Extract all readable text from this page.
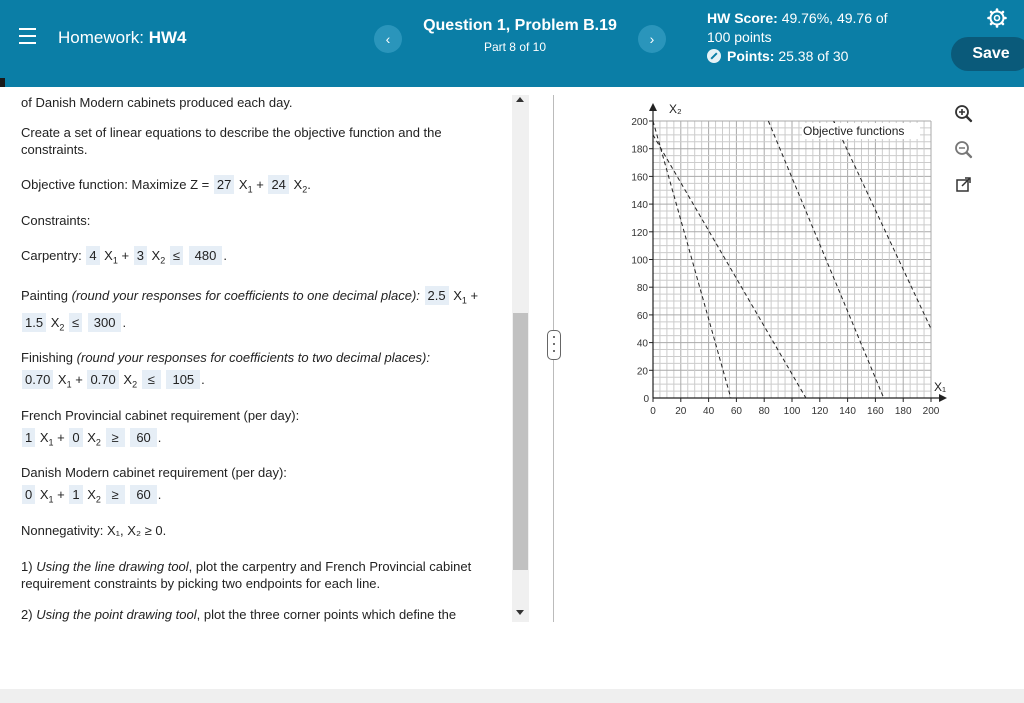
Homework: HW4	‹
Question 1, Problem B.19
Part 8 of 10	›
HW Score: 49.76%, 49.76 of
100 points
Points: 25.38 of 30	Save

of Danish Modern cabinets produced each day.

Create a set of linear equations to describe the objective function and the constraints.

Objective function: Maximize Z = 27 $X_1 + 24$ $X_2$.

Constraints:

Carpentry: 4 $X_1 + 3$ $X_2 \le 480$ .

Painting (round your responses for coefficients to one decimal place): 2.5 $X_1$ +

1.5 $X_2 \le 300$ .

Finishing (round your responses for coefficients to two decimal places):

0.70 $X_1 + 0.70$ $X_2 \le 105$ .

French Provincial cabinet requirement (per day):

1 $X_1 + 0$ $X_2 \ge 60$ .

Danish Modern cabinet requirement (per day):

0 $X_1 + 1$ $X_2 \ge 60$ .

Nonnegativity: X₁, X₂ ≥ 0.

1) Using the line drawing tool, plot the carpentry and French Provincial cabinet requirement constraints by picking two endpoints for each line.

2) Using the point drawing tool, plot the three corner points which define the

0 20 40 60 80 100 120 140 160 180 200
0
20
40
60
80
100
120
140
160
180
200
X₂
X₁
Objective functions
